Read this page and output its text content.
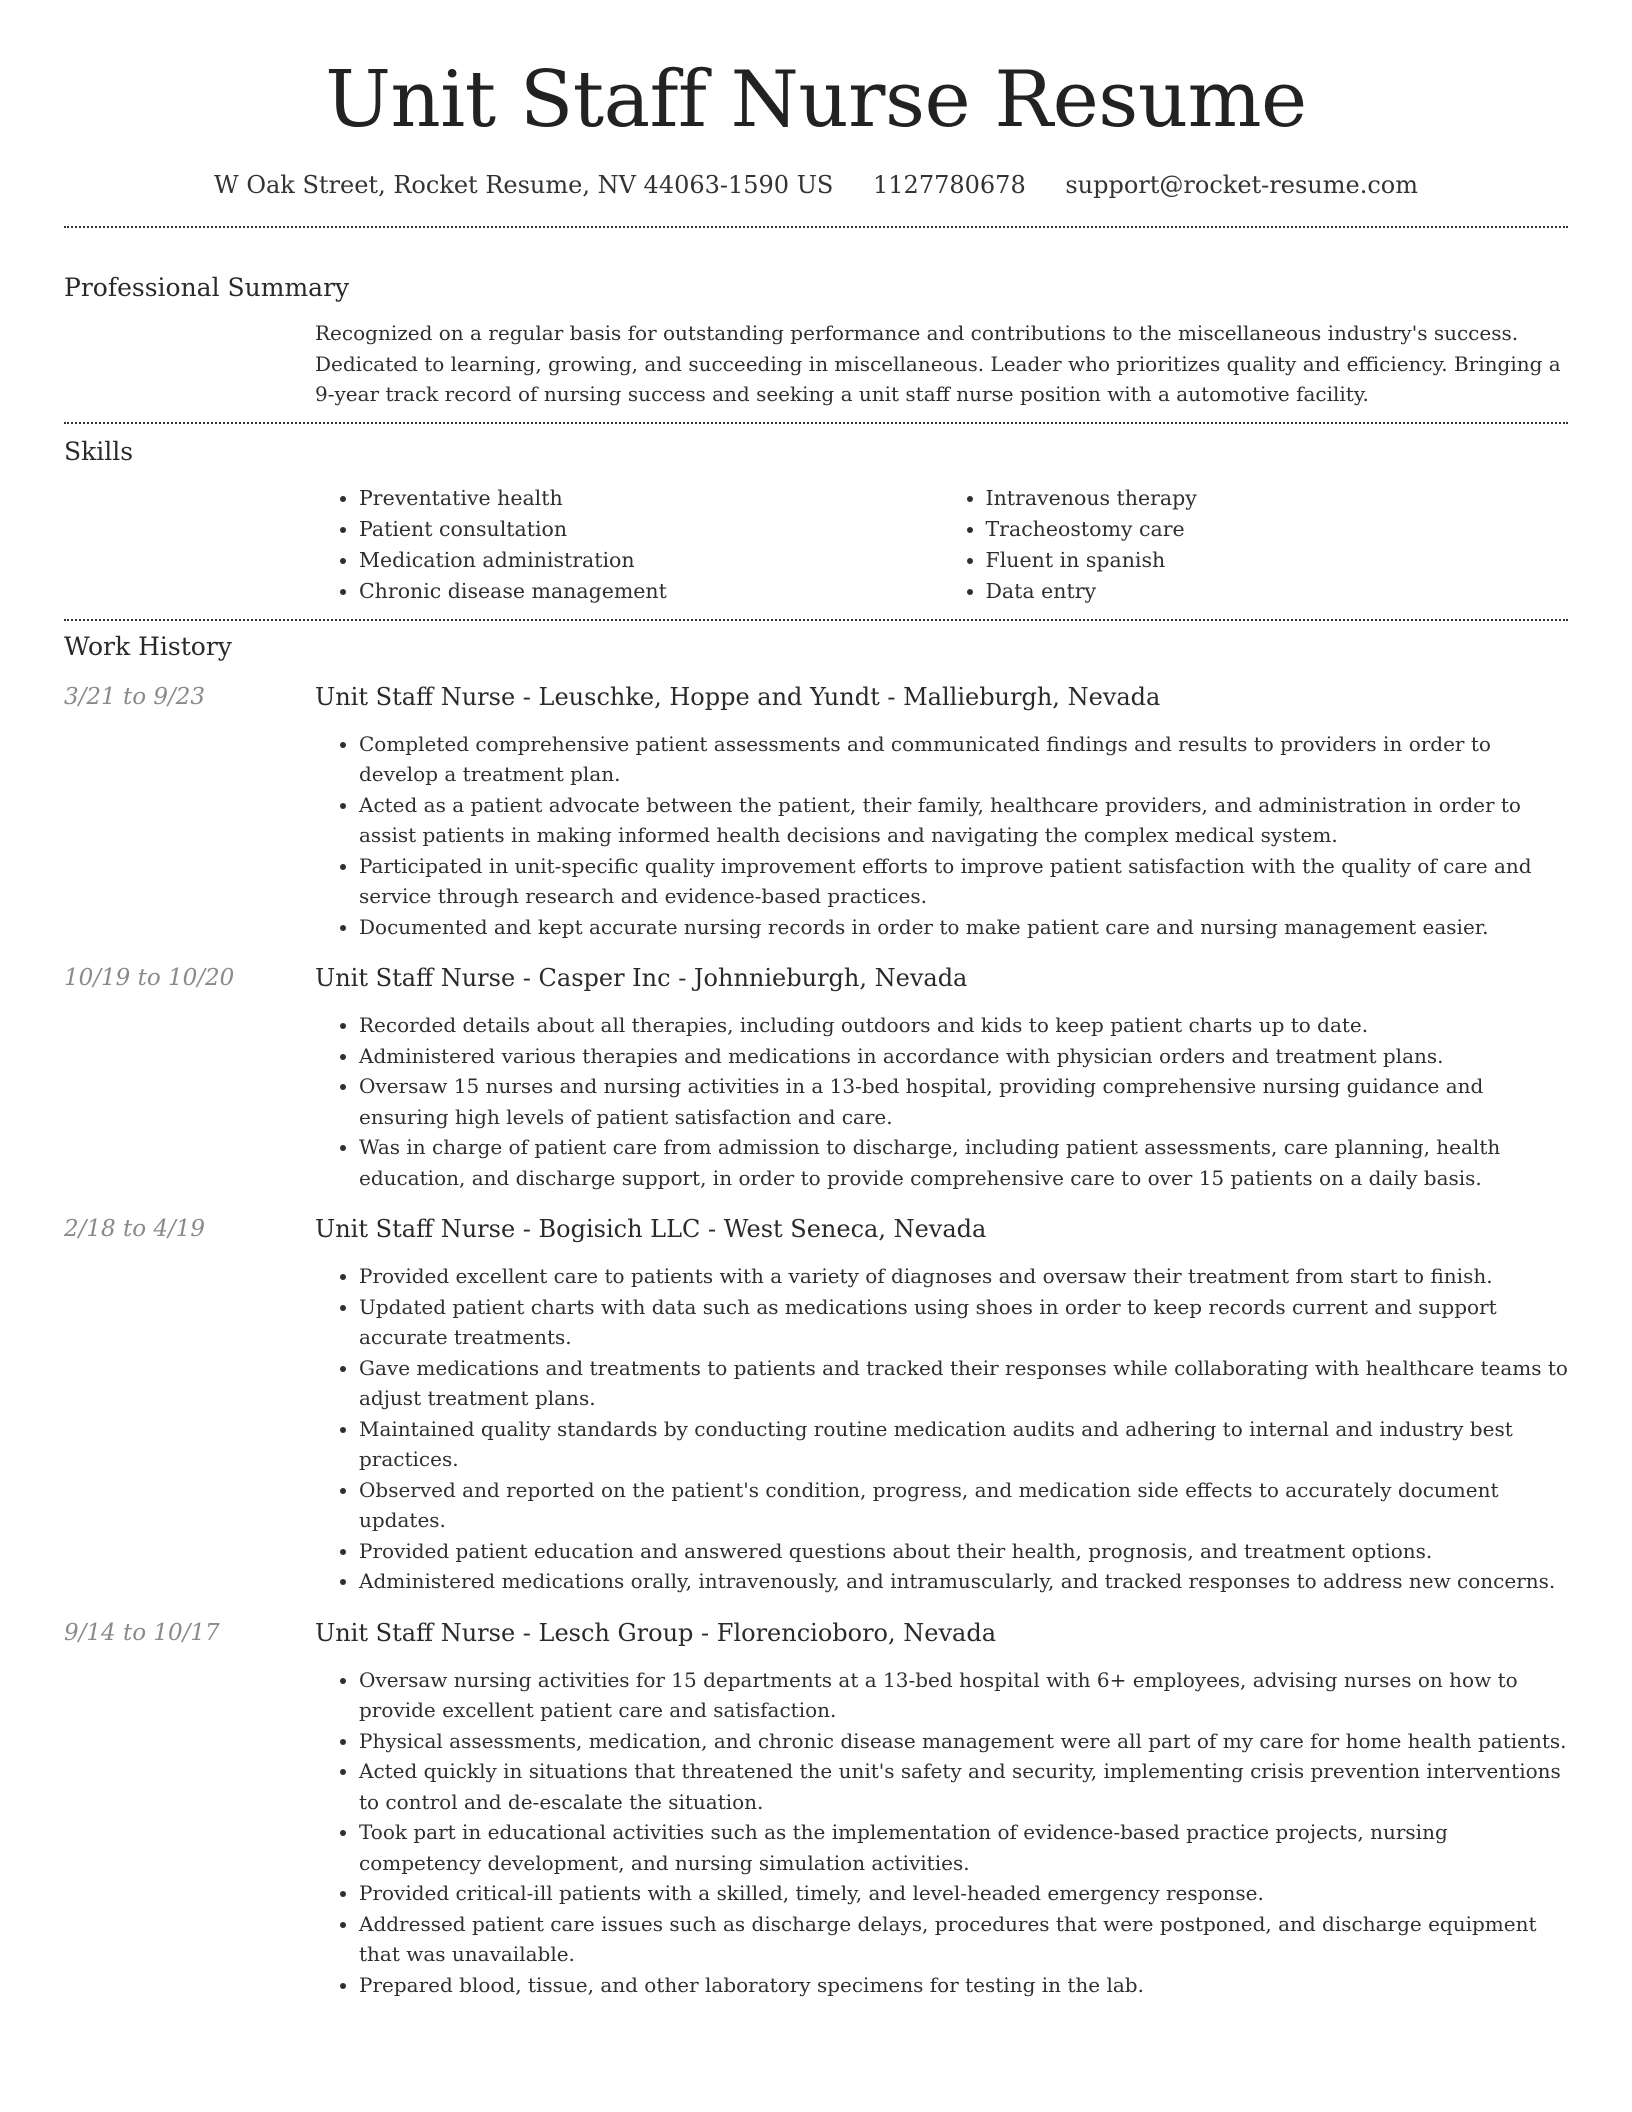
Unit Staff Nurse Resume
W Oak Street, Rocket Resume, NV 44063-1590 US 1127780678 support@rocket-resume.com
Professional Summary

Recognized on a regular basis for outstanding performance and contributions to the miscellaneous industry's success. Dedicated to learning, growing, and succeeding in miscellaneous. Leader who prioritizes quality and efficiency. Bringing a 9-year track record of nursing success and seeking a unit staff nurse position with a automotive facility.

Skills
• Preventative health
• Patient consultation
• Medication administration
• Chronic disease management
• Intravenous therapy
• Tracheostomy care
• Fluent in spanish
• Data entry
Work History
3/21 to 9/23	Unit Staff Nurse - Leuschke, Hoppe and Yundt - Mallieburgh, Nevada
• Completed comprehensive patient assessments and communicated findings and results to providers in order to develop a treatment plan.
• Acted as a patient advocate between the patient, their family, healthcare providers, and administration in order to assist patients in making informed health decisions and navigating the complex medical system.
• Participated in unit-specific quality improvement efforts to improve patient satisfaction with the quality of care and service through research and evidence-based practices.
• Documented and kept accurate nursing records in order to make patient care and nursing management easier.
10/19 to 10/20	Unit Staff Nurse - Casper Inc - Johnnieburgh, Nevada
• Recorded details about all therapies, including outdoors and kids to keep patient charts up to date.
• Administered various therapies and medications in accordance with physician orders and treatment plans.
• Oversaw 15 nurses and nursing activities in a 13-bed hospital, providing comprehensive nursing guidance and ensuring high levels of patient satisfaction and care.
• Was in charge of patient care from admission to discharge, including patient assessments, care planning, health education, and discharge support, in order to provide comprehensive care to over 15 patients on a daily basis.
2/18 to 4/19	Unit Staff Nurse - Bogisich LLC - West Seneca, Nevada
• Provided excellent care to patients with a variety of diagnoses and oversaw their treatment from start to finish.
• Updated patient charts with data such as medications using shoes in order to keep records current and support accurate treatments.
• Gave medications and treatments to patients and tracked their responses while collaborating with healthcare teams to adjust treatment plans.
• Maintained quality standards by conducting routine medication audits and adhering to internal and industry best practices.
• Observed and reported on the patient's condition, progress, and medication side effects to accurately document updates.
• Provided patient education and answered questions about their health, prognosis, and treatment options.
• Administered medications orally, intravenously, and intramuscularly, and tracked responses to address new concerns.
9/14 to 10/17	Unit Staff Nurse - Lesch Group - Florencioboro, Nevada
• Oversaw nursing activities for 15 departments at a 13-bed hospital with 6+ employees, advising nurses on how to provide excellent patient care and satisfaction.
• Physical assessments, medication, and chronic disease management were all part of my care for home health patients.
• Acted quickly in situations that threatened the unit's safety and security, implementing crisis prevention interventions to control and de-escalate the situation.
• Took part in educational activities such as the implementation of evidence-based practice projects, nursing competency development, and nursing simulation activities.
• Provided critical-ill patients with a skilled, timely, and level-headed emergency response.
• Addressed patient care issues such as discharge delays, procedures that were postponed, and discharge equipment that was unavailable.
• Prepared blood, tissue, and other laboratory specimens for testing in the lab.
